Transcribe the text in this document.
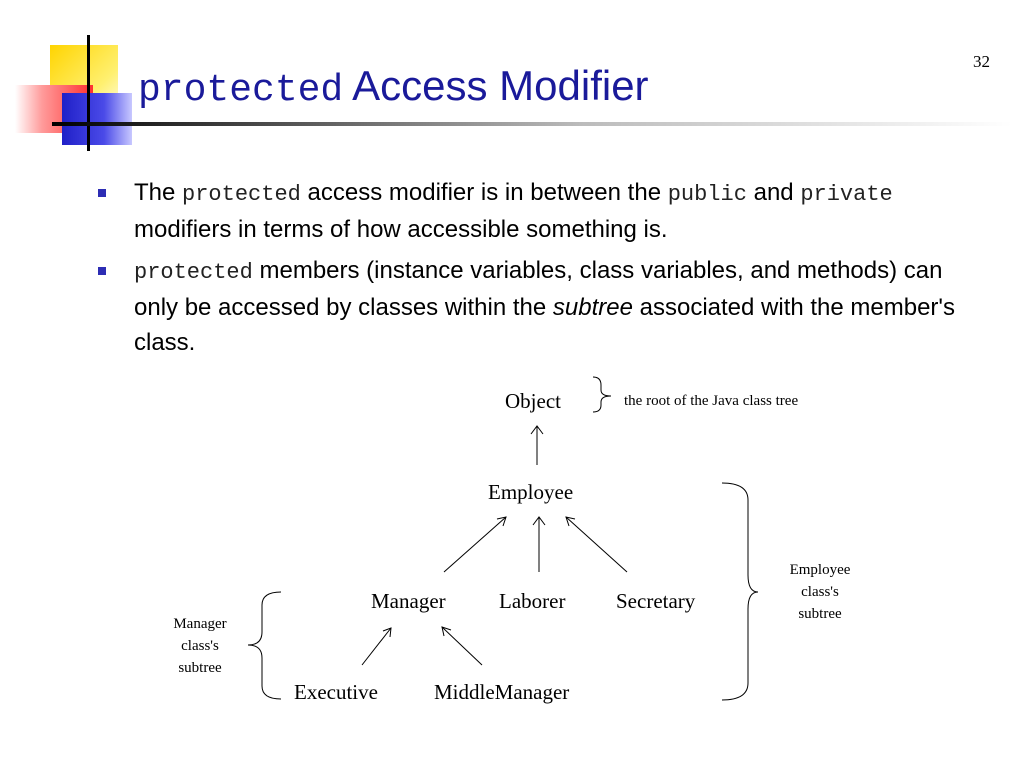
32
protected Access Modifier
The protected access modifier is in between the public and private modifiers in terms of how accessible something is.
protected members (instance variables, class variables, and methods) can only be accessed by classes within the subtree associated with the member's class.
Object
Employee
Manager	Laborer Secretary
Executive	MiddleManager
the root of the Java class tree
Employee
class's
subtree
Manager
class's
subtree
